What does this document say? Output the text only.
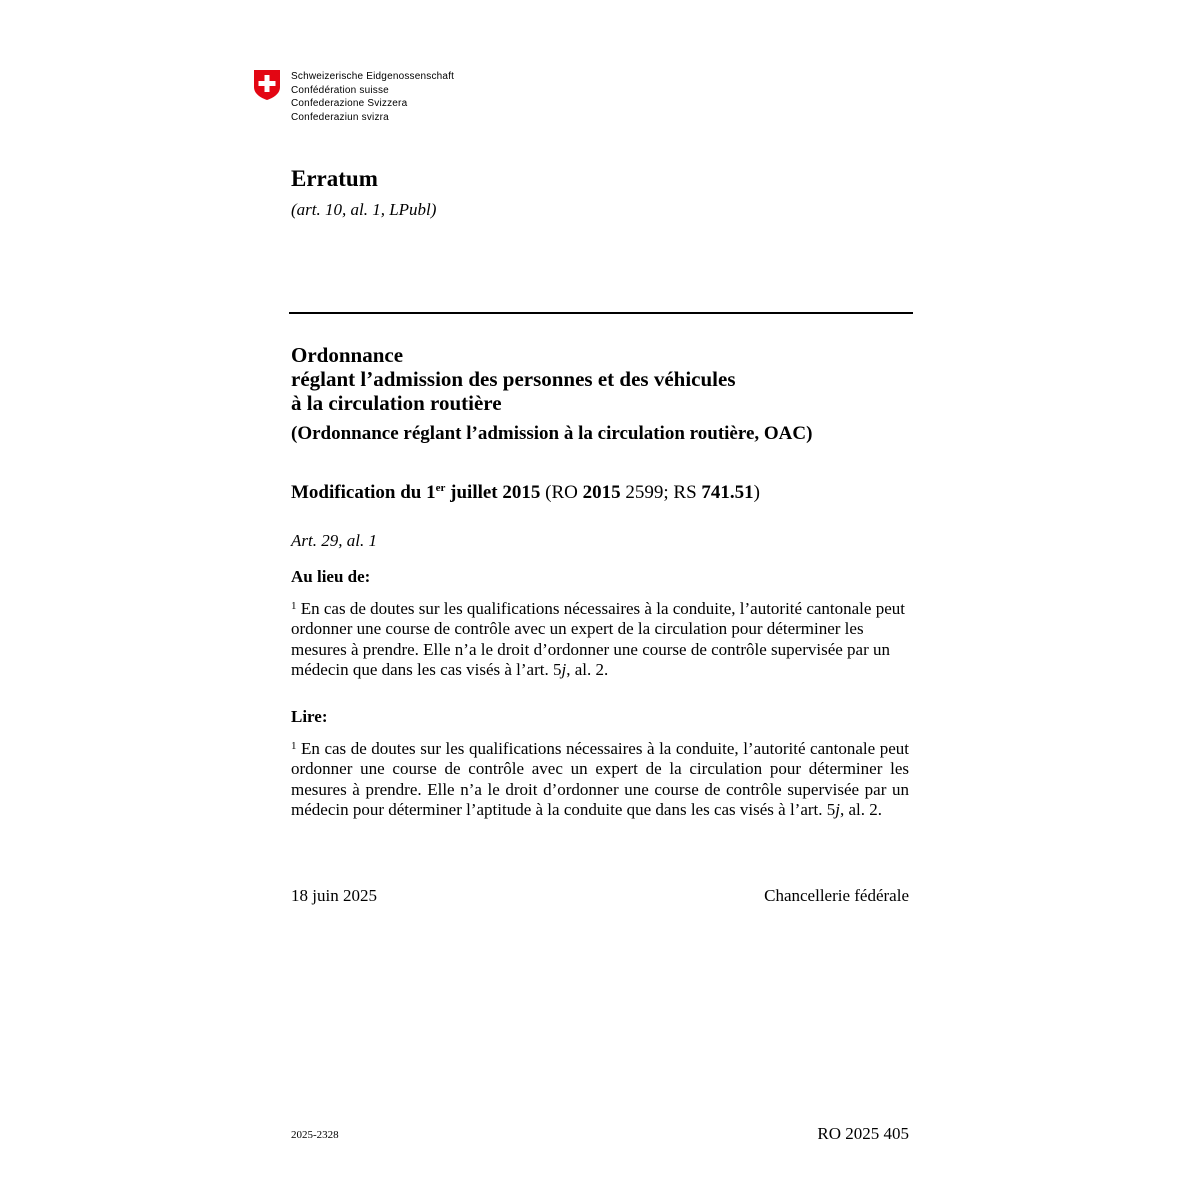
Schweizerische Eidgenossenschaft
Confédération suisse
Confederazione Svizzera
Confederaziun svizra
Erratum
(art. 10, al. 1, LPubl)
Ordonnance
réglant l’admission des personnes et des véhicules
à la circulation routière
(Ordonnance réglant l’admission à la circulation routière, OAC)
Modification du 1er juillet 2015 (RO 2015 2599; RS 741.51)
Art. 29, al. 1
Au lieu de:
$^1$ En cas de doutes sur les qualifications nécessaires à la conduite, l’autorité cantonale peut ordonner une course de contrôle avec un expert de la circulation pour déterminer les mesures à prendre. Elle n’a le droit d’ordonner une course de contrôle supervisée par un médecin que dans les cas visés à l’art. 5j, al. 2.
Lire:
$^1$ En cas de doutes sur les qualifications nécessaires à la conduite, l’autorité cantonale peut ordonner une course de contrôle avec un expert de la circulation pour déterminer les mesures à prendre. Elle n’a le droit d’ordonner une course de contrôle supervisée par un médecin pour déterminer l’aptitude à la conduite que dans les cas visés à l’art. 5j, al. 2.
18 juin 2025	Chancellerie fédérale
2025-2328	RO 2025 405
